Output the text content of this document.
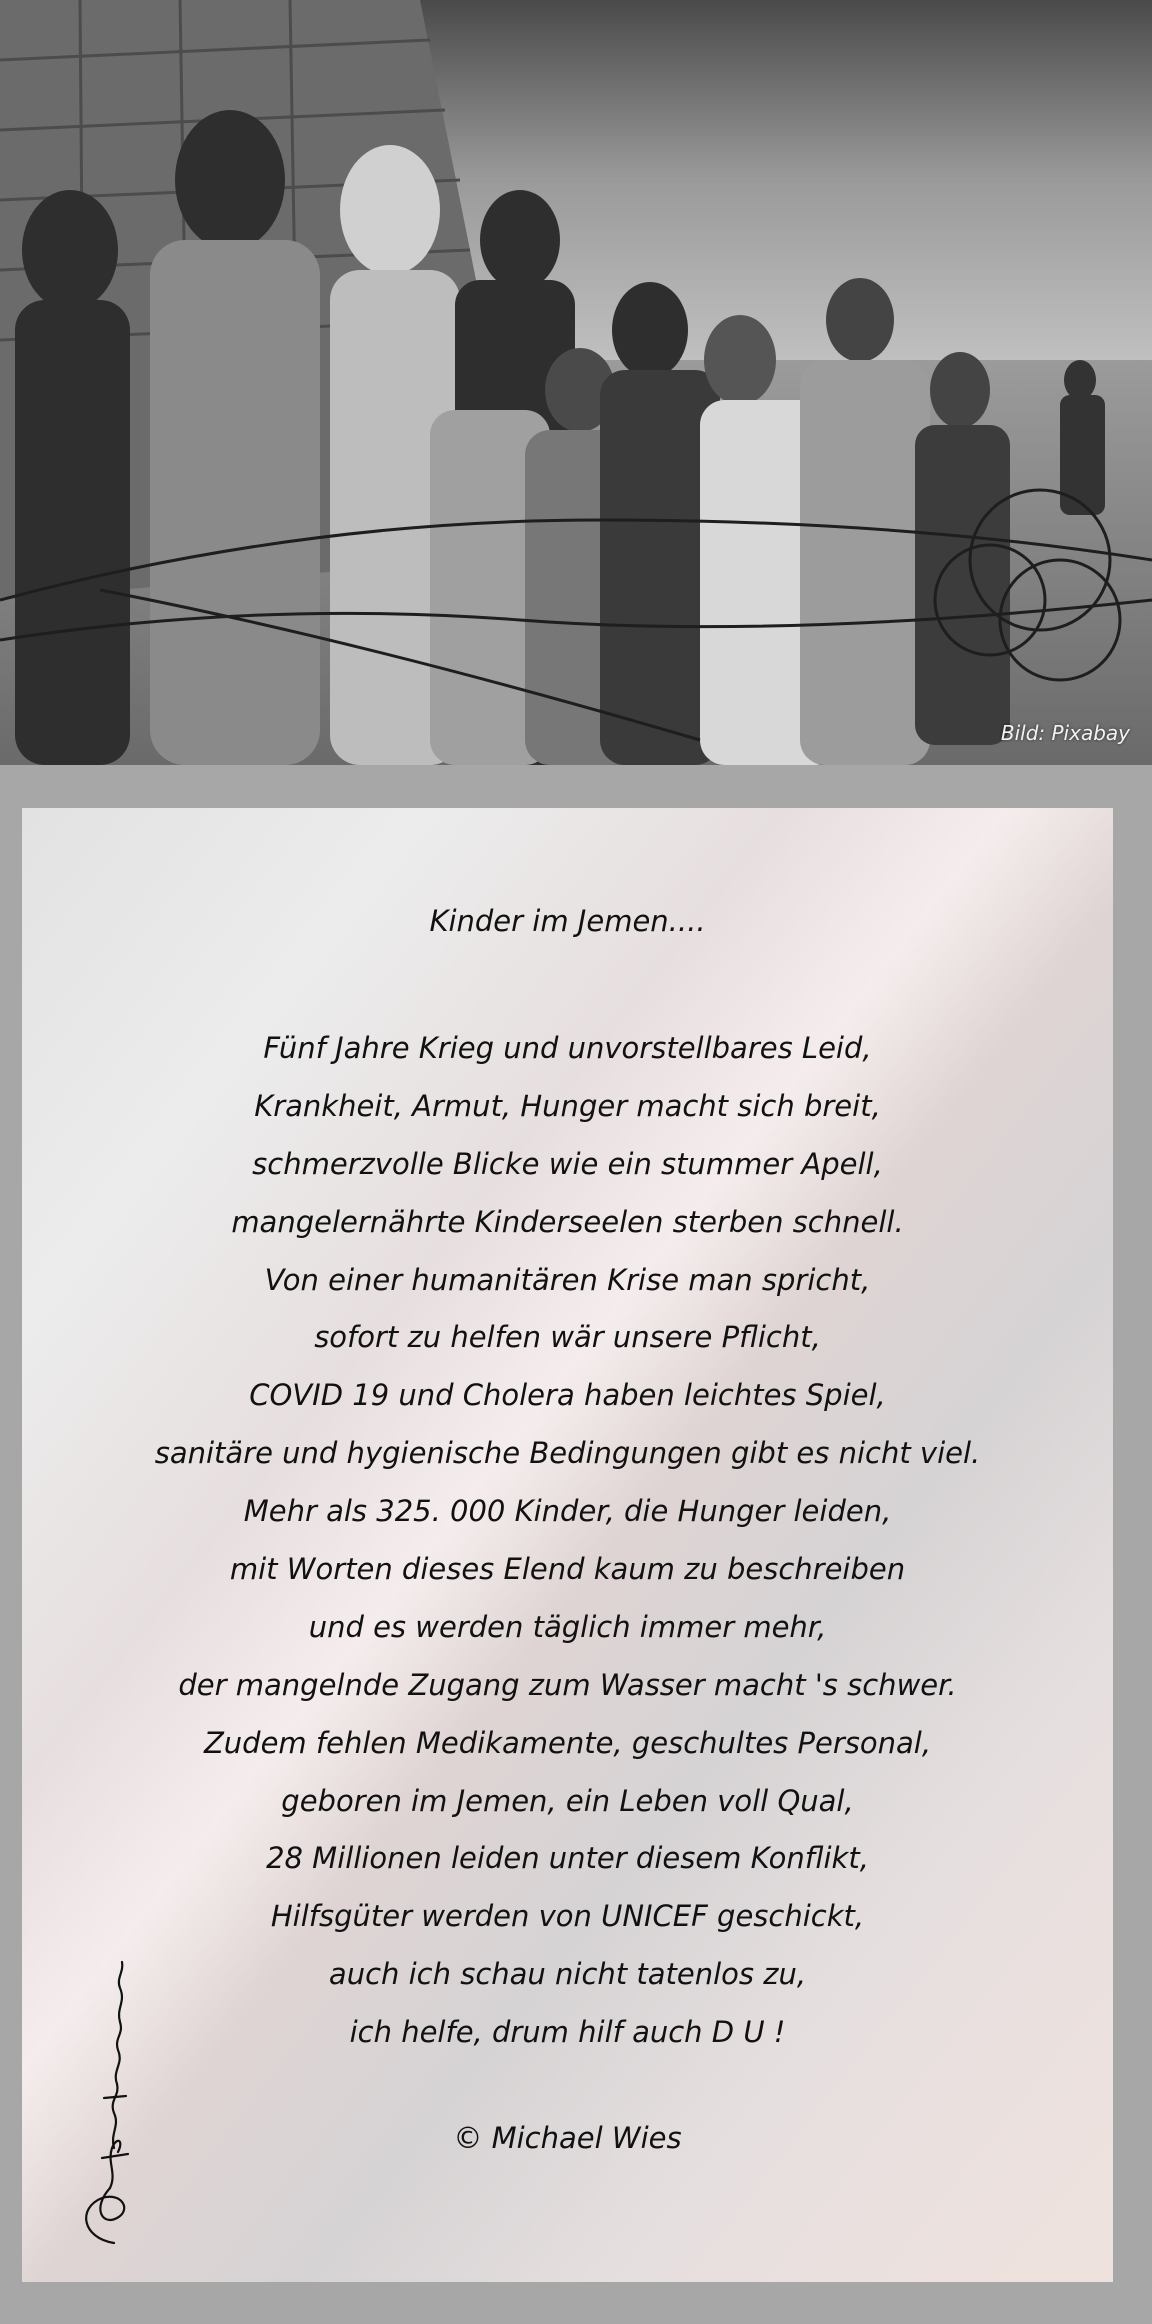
Bild: Pixabay
Kinder im Jemen....
Fünf Jahre Krieg und unvorstellbares Leid,
Krankheit, Armut, Hunger macht sich breit,
schmerzvolle Blicke wie ein stummer Apell,
mangelernährte Kinderseelen sterben schnell.
Von einer humanitären Krise man spricht,
sofort zu helfen wär unsere Pflicht,
COVID 19 und Cholera haben leichtes Spiel,
sanitäre und hygienische Bedingungen gibt es nicht viel.
Mehr als 325. 000 Kinder, die Hunger leiden,
mit Worten dieses Elend kaum zu beschreiben
und es werden täglich immer mehr,
der mangelnde Zugang zum Wasser macht 's schwer.
Zudem fehlen Medikamente, geschultes Personal,
geboren im Jemen, ein Leben voll Qual,
28 Millionen leiden unter diesem Konflikt,
Hilfsgüter werden von UNICEF geschickt,
auch ich schau nicht tatenlos zu,
ich helfe, drum hilf auch D U !
© Michael Wies
